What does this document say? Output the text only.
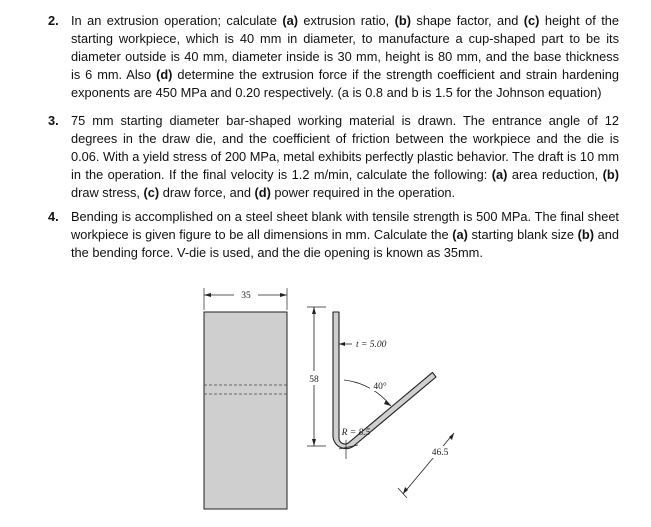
2. In an extrusion operation; calculate (a) extrusion ratio, (b) shape factor, and (c) height of the
starting workpiece, which is 40 mm in diameter, to manufacture a cup-shaped part to be its
diameter outside is 40 mm, diameter inside is 30 mm, height is 80 mm, and the base thickness
is 6 mm. Also (d) determine the extrusion force if the strength coefficient and strain hardening
exponents are 450 MPa and 0.20 respectively. (a is 0.8 and b is 1.5 for the Johnson equation)
3. 75 mm starting diameter bar-shaped working material is drawn. The entrance angle of 12
degrees in the draw die, and the coefficient of friction between the workpiece and the die is
0.06. With a yield stress of 200 MPa, metal exhibits perfectly plastic behavior. The draft is 10 mm
in the operation. If the final velocity is 1.2 m/min, calculate the following: (a) area reduction, (b)
draw stress, (c) draw force, and (d) power required in the operation.
4. Bending is accomplished on a steel sheet blank with tensile strength is 500 MPa. The final sheet
workpiece is given figure to be all dimensions in mm. Calculate the (a) starting blank size (b) and
the bending force. V-die is used, and the die opening is known as 35mm.
35
58
t = 5.00
40°
R = 8.5
46.5
